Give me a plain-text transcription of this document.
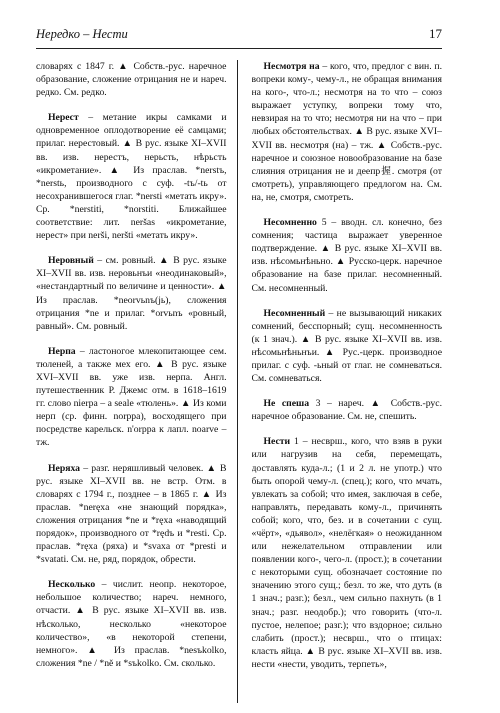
Нередко – Нести	17

словарях с 1847 г. ▲ Собств.-рус. наречное образование, сложение отрицания не и нареч. редко. См. редко.

Нерест – метание икры самками и одновременное оплодотворение её самцами; прилаг. нерестовый. ▲ В рус. языке XI–XVII вв. изв. нерестъ, нерьсть, нѣрьсть «икрометание». ▲ Из праслав. *nerstъ, *nerstь, производного с суф. -tъ/-tь от несохранившегося глаг. *nersti «метать икру». Ср. *nerstiti, *norstiti. Ближайшее соответствие: лит. neršas «икрометание, нерест» при nerši, neršti «метать икру».

Неровный – см. ровный. ▲ В рус. языке XI–XVII вв. изв. неровьнъи «неодинаковый», «нестандартный по величине и ценности». ▲ Из праслав. *neorvьnъ(jь), сложения отрицания *ne и прилаг. *orvьnъ «ровный, равный». См. ровный.

Нерпа – ластоногое млекопитающее сем. тюленей, а также мех его. ▲ В рус. языке XVI–XVII вв. уже изв. нерпа. Англ. путешественник Р. Джемс отм. в 1618–1619 гг. слово nierpa – a seale «тюлень». ▲ Из коми нерп (ср. финн. norppa), восходящего при посредстве карельск. n'orppa к лапл. noarve – тж.

Неряха – разг. неряшливый человек. ▲ В рус. языке XI–XVII вв. не встр. Отм. в словарях с 1794 г., позднее – в 1865 г. ▲ Из праслав. *neręxa «не знающий порядка», сложения отрицания *ne и *ręxa «наводящий порядок», производного от *rędъ и *resti. Ср. праслав. *ręxa (ряха) и *svaxa от *presti и *svatati. См. не, ряд, порядок, обрести.

Несколько – числит. неопр. некоторое, небольшое количество; нареч. немного, отчасти. ▲ В рус. языке XI–XVII вв. изв. нѣсколько, несколько «некоторое количество», «в некоторой степени, немного». ▲ Из праслав. *nesъkolko, сложения *ne / *nĕ и *sъkolko. См. сколько.

Несмотря на – кого, что, предлог с вин. п. вопреки кому-, чему-л., не обращая внимания на кого-, что-л.; несмотря на то что – союз выражает уступку, вопреки тому что, невзирая на то что; несмотря ни на что – при любых обстоятельствах. ▲ В рус. языке XVI–XVII вв. несмотря (на) – тж. ▲ Собств.-рус. наречное и союзное новообразование на базе слияния отрицания не и деепр握. смотря (от смотреть), управляющего предлогом на. См. на, не, смотря, смотреть.

Несомненно 5 – вводн. сл. конечно, без сомнения; частица выражает уверенное подтверждение. ▲ В рус. языке XI–XVII вв. изв. нѣсомьнѣньно. ▲ Русско-церк. наречное образование на базе прилаг. несомненный. См. несомненный.

Несомненный – не вызывающий никаких сомнений, бесспорный; сущ. несомненность (к 1 знач.). ▲ В рус. языке XI–XVII вв. изв. нѣсомьнѣньнъи. ▲ Рус.-церк. производное прилаг. с суф. -ьный от глаг. не сомневаться. См. сомневаться.

Не спеша 3 – нареч. ▲ Собств.-рус. наречное образование. См. не, спешить.

Нести 1 – несврш., кого, что взяв в руки или нагрузив на себя, перемещать, доставлять куда-л.; (1 и 2 л. не употр.) что быть опорой чему-л. (спец.); кого, что мчать, увлекать за собой; что имея, заключая в себе, направлять, передавать кому-л., причинять собой; кого, что, без. и в сочетании с сущ. «чёрт», «дьявол», «нелёгкая» о неожиданном или нежелательном отправлении или появлении кого-, чего-л. (прост.); в сочетании с некоторыми сущ. обозначает состояние по значению этого сущ.; безл. то же, что дуть (в 1 знач.; разг.); безл., чем сильно пахнуть (в 1 знач.; разг. неодобр.); что говорить (что-л. пустое, нелепое; разг.); что вздорное; сильно слабить (прост.); несврш., что о птицах: класть яйца. ▲ В рус. языке XI–XVII вв. изв. нести «нести, уводить, терпеть»,
